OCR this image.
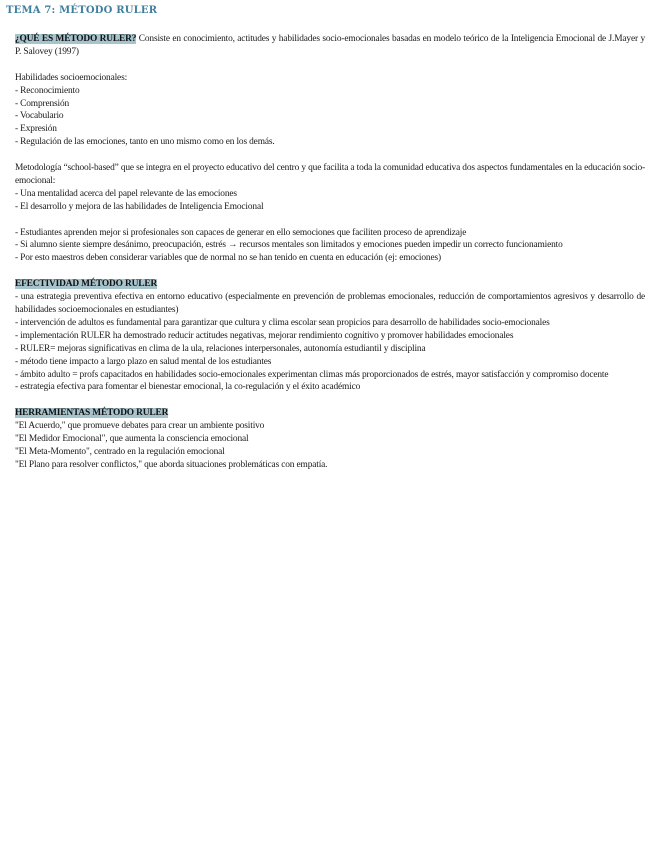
TEMA 7: MÉTODO RULER
¿QUÉ ES MÉTODO RULER? Consiste en conocimiento, actitudes y habilidades socio-emocionales basadas en modelo teórico de la Inteligencia Emocional de J.Mayer y P. Salovey (1997)
Habilidades socioemocionales:
- Reconocimiento
- Comprensión
- Vocabulario
- Expresión
- Regulación de las emociones, tanto en uno mismo como en los demás.
Metodología “school-based” que se integra en el proyecto educativo del centro y que facilita a toda la comunidad educativa dos aspectos fundamentales en la educación socio-emocional:
- Una mentalidad acerca del papel relevante de las emociones
- El desarrollo y mejora de las habilidades de Inteligencia Emocional
- Estudiantes aprenden mejor si profesionales son capaces de generar en ello semociones que faciliten proceso de aprendizaje
- Si alumno siente siempre desánimo, preocupación, estrés → recursos mentales son limitados y emociones pueden impedir un correcto funcionamiento
- Por esto maestros deben considerar variables que de normal no se han tenido en cuenta en educación (ej: emociones)
EFECTIVIDAD MÉTODO RULER
- una estrategia preventiva efectiva en entorno educativo (especialmente en prevención de problemas emocionales, reducción de comportamientos agresivos y desarrollo de habilidades socioemocionales en estudiantes)
- intervención de adultos es fundamental para garantizar que cultura y clima escolar sean propicios para desarrollo de habilidades socio-emocionales
- implementación RULER ha demostrado reducir actitudes negativas, mejorar rendimiento cognitivo y promover habilidades emocionales
- RULER= mejoras significativas en clima de la ula, relaciones interpersonales, autonomía estudiantil y disciplina
- método tiene impacto a largo plazo en salud mental de los estudiantes
- ámbito adulto = profs capacitados en habilidades socio-emocionales experimentan climas más proporcionados de estrés, mayor satisfacción y compromiso docente
- estrategia efectiva para fomentar el bienestar emocional, la co-regulación y el éxito académico
HERRAMIENTAS MÉTODO RULER
"El Acuerdo," que promueve debates para crear un ambiente positivo
"El Medidor Emocional", que aumenta la consciencia emocional
"El Meta-Momento", centrado en la regulación emocional
"El Plano para resolver conflictos," que aborda situaciones problemáticas con empatía.
